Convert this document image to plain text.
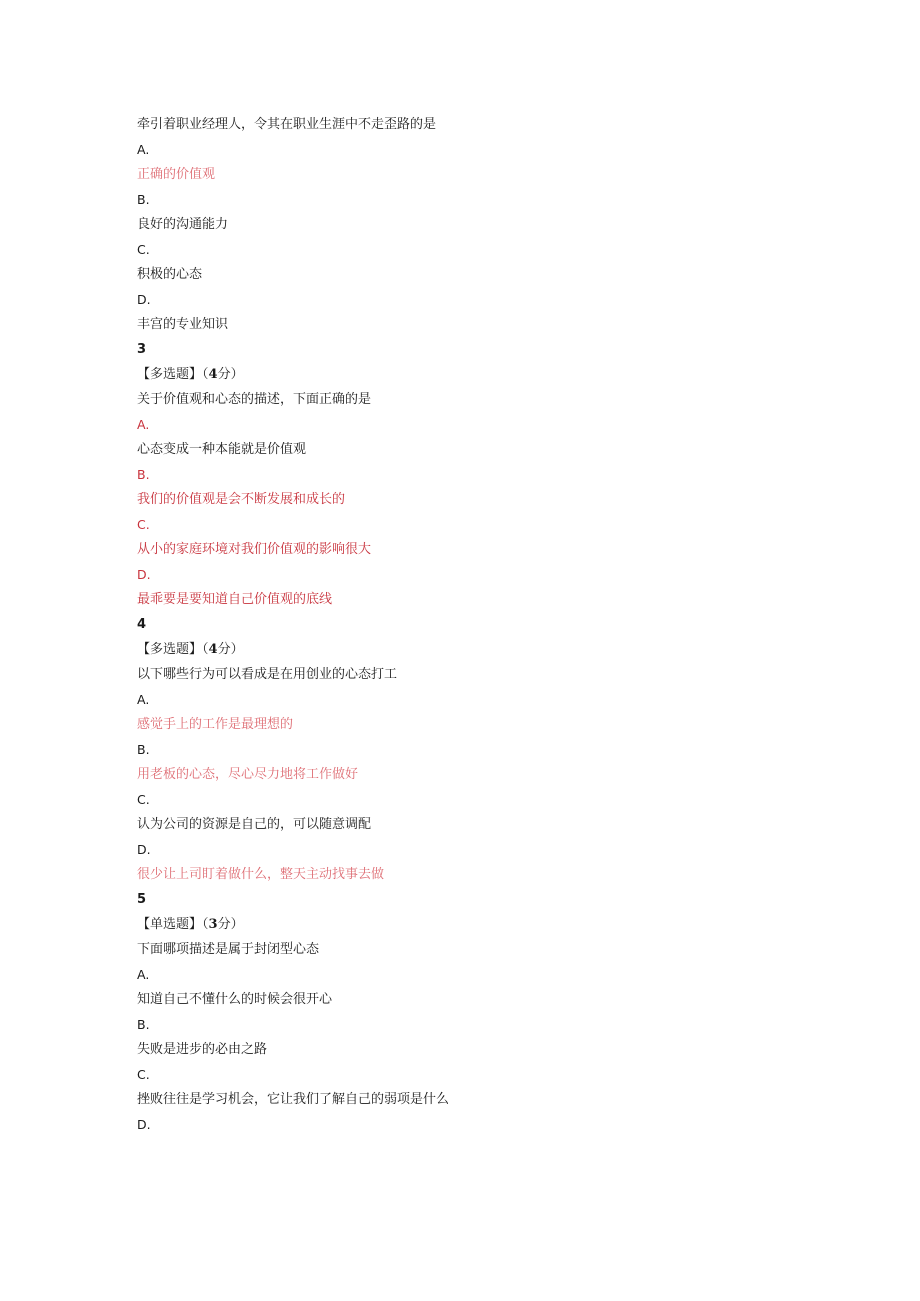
牵引着职业经理人，令其在职业生涯中不走歪路的是
A.
正确的价值观
B.
良好的沟通能力
C.
积极的心态
D.
丰宫的专业知识
3
【多选题】（4分）
关于价值观和心态的描述，下面正确的是
A.
心态变成一种本能就是价值观
B.
我们的价值观是会不断发展和成长的
C.
从小的家庭环境对我们价值观的影响很大
D.
最乖要是要知道自己价值观的底线
4
【多选题】（4分）
以下哪些行为可以看成是在用创业的心态打工
A.
感觉手上的工作是最理想的
B.
用老板的心态，尽心尽力地将工作做好
C.
认为公司的资源是自己的，可以随意调配
D.
很少让上司盯着做什么，整天主动找事去做
5
【单选题】（3分）
下面哪项描述是属于封闭型心态
A.
知道自己不懂什么的时候会很开心
B.
失败是进步的必由之路
C.
挫败往往是学习机会，它让我们了解自己的弱项是什么
D.
